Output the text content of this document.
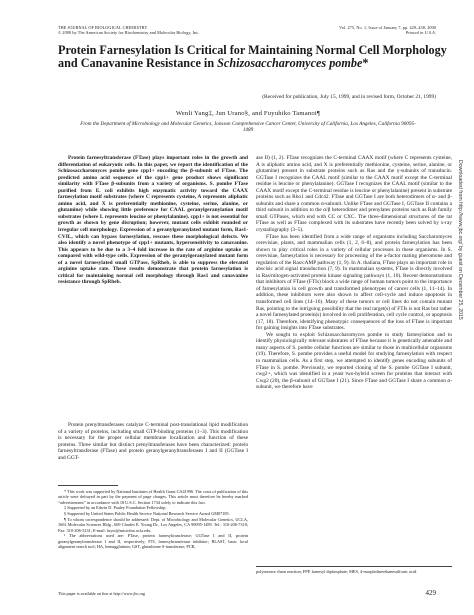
THE JOURNAL OF BIOLOGICAL CHEMISTRY
© 2000 by The American Society for Biochemistry and Molecular Biology, Inc.
Vol. 275, No. 1, Issue of January 7, pp. 429–438, 2000
Printed in U.S.A.
Protein Farnesylation Is Critical for Maintaining Normal Cell Morphology and Canavanine Resistance in Schizosaccharomyces pombe*
(Received for publication, July 15, 1999, and in revised form, October 21, 1999)
Wenli Yang‡, Jun Urano§, and Fuyuhiko Tamanoi¶
From the Department of Microbiology and Molecular Genetics, Jonsson Comprehensive Cancer Center, University of California, Los Angeles, California 90095-1489

Protein farnesyltransferase (FTase) plays important roles in the growth and differentiation of eukaryotic cells. In this paper, we report the identification of the Schizosaccharomyces pombe gene cpp1+ encoding the β-subunit of FTase. The predicted amino acid sequence of the cpp1+ gene product shows significant similarity with FTase β-subunits from a variety of organisms. S. pombe FTase purified from E. coli exhibits high enzymatic activity toward the CAAX farnesylation motif substrates (where C represents cysteine, A represents aliphatic amino acid, and X is preferentially methionine, cysteine, serine, alanine, or glutamine) while showing little preference for CAAL geranylgeranylation motif substrates (where L represents leucine or phenylalanine). cpp1+ is not essential for growth as shown by gene disruption; however, mutant cells exhibit rounded or irregular cell morphology. Expression of a geranylgeranylated mutant form, Ras1-CVIL, which can bypass farnesylation, rescues these morphological defects. We also identify a novel phenotype of cpp1+ mutants, hypersensitivity to canavanine. This appears to be due to a 3–4 fold increase in the rate of arginine uptake as compared with wild-type cells. Expression of the geranylgeranylated mutant form of a novel farnesylated small GTPase, SpRheb, is able to suppress the elevated arginine uptake rate. These results demonstrate that protein farnesylation is critical for maintaining normal cell morphology through Ras1 and canavanine resistance through SpRheb.

Protein prenyltransferases catalyze C-terminal post-translational lipid modification of a variety of proteins, including small GTP-binding proteins (1–3). This modification is necessary for the proper cellular membrane localization and function of these proteins. Three similar but distinct prenyltransferases have been characterized: protein farnesyltransferase (FTase) and protein geranylgeranyltransferases I and II (GGTase I and GGT-

* This work was supported by National Institutes of Health Grant CA41996. The costs of publication of this article were defrayed in part by the payment of page charges. This article must therefore be hereby marked “advertisement” in accordance with 18 U.S.C. Section 1734 solely to indicate this fact.

‡ Supported by an Edwin D. Pauley Foundation Fellowship.

§ Supported by United States Public Health Service National Research Service Award GM07185.

¶ To whom correspondence should be addressed: Dept. of Microbiology and Molecular Genetics, UCLA, 1602 Molecular Sciences Bldg., 609 Charles E. Young Dr., Los Angeles, CA 90095-1489. Tel.: 310-206-7318; Fax: 310-206-5231; E-mail: fuyut@microbio.ucla.edu.

¹ The abbreviations used are: FTase, protein farnesyltransferase; GGTase I and II, protein geranylgeranyltransferase I and II, respectively; FTI, farnesyltransferase inhibitor; BLAST, basic local alignment search tool; HA, hemagglutinin; GST, glutathione S-transferase; PCR,

ase II) (1, 2). FTase recognizes the C-terminal CAAX motif (where C represents cysteine, A is aliphatic amino acid, and X is preferentially methionine, cysteine, serine, alanine, or glutamine) present in substrate proteins such as Ras and the γ-subunits of transducin. GGTase I recognizes the CAAL motif (similar to the CAAX motif except the C-terminal residue is leucine or phenylalanine). GGTase I recognizes the CAAL motif (similar to the CAAX motif except the C-terminal residue is leucine or phenylalanine) present in substrate proteins such as Rho1 and Cdc42. FTase and GGTase I are both heterodimers of α- and β-subunits and share a common α-subunit. Unlike FTase and GGTase I, GGTase II contains a third subunit in addition to the α/β heterodimer and prenylates proteins such as Rab family small GTPases, which end with CC or CXC. The three-dimensional structures of the rat FTase as well as FTase complexed with its substrates have recently been solved by x-ray crystallography (3–5).

FTase has been identified from a wide range of organisms including Saccharomyces cerevisiae, plants, and mammalian cells (1, 2, 6–8), and protein farnesylation has been shown to play critical roles in a variety of cellular processes in these organisms. In S. cerevisiae, farnesylation is necessary for processing of the a-factor mating pheromone and regulation of the Ras/cAMP pathway (1, 9). In A. thaliana, FTase plays an important role in abscisic acid signal transduction (7, 9). In mammalian systems, FTase is directly involved in Ras/mitogen-activated protein kinase signaling pathways (1, 10). Recent demonstrations that inhibitors of FTase (FTIs) block a wide range of human tumors point to the importance of farnesylation in cell growth and transformed phenotypes of cancer cells (1, 11–14). In addition, these inhibitors were also shown to affect cell-cycle and induce apoptosis in transformed cell lines (14–16). Many of these tumors or cell lines do not contain mutant Ras, pointing to the intriguing possibility that the real target(s) of FTIs is not Ras but rather a novel farnesylated protein(s) involved in cell proliferation, cell cycle control, or apoptosis (17, 18). Therefore, identifying phenotypic consequences of the loss of FTase is important for gaining insights into FTase substrates.

We sought to exploit Schizosaccharomyces pombe to study farnesylation and to identify physiologically relevant substrates of FTase because it is genetically amenable and many aspects of S. pombe cellular functions are similar to those in multicellular organisms (19). Therefore, S. pombe provides a useful model for studying farnesylation with respect to mammalian cells. As a first step, we attempted to identify genes encoding subunits of FTase in S. pombe. Previously, we reported cloning of the S. pombe GGTase I subunit, cwg2+, which was identified in a yeast two-hybrid screen for proteins that interact with Cwg2 (20), the β-subunit of GGTase I (21). Since FTase and GGTase I share a common α-subunit, we therefore have

polymerase chain reaction; FPP, farnesyl diphosphate; MES, 4-morpholineethanesulfonic acid.

This paper is available on line at http://www.jbc.org	429
Downloaded from http://www.jbc.org/ by guest on December 25, 2015
